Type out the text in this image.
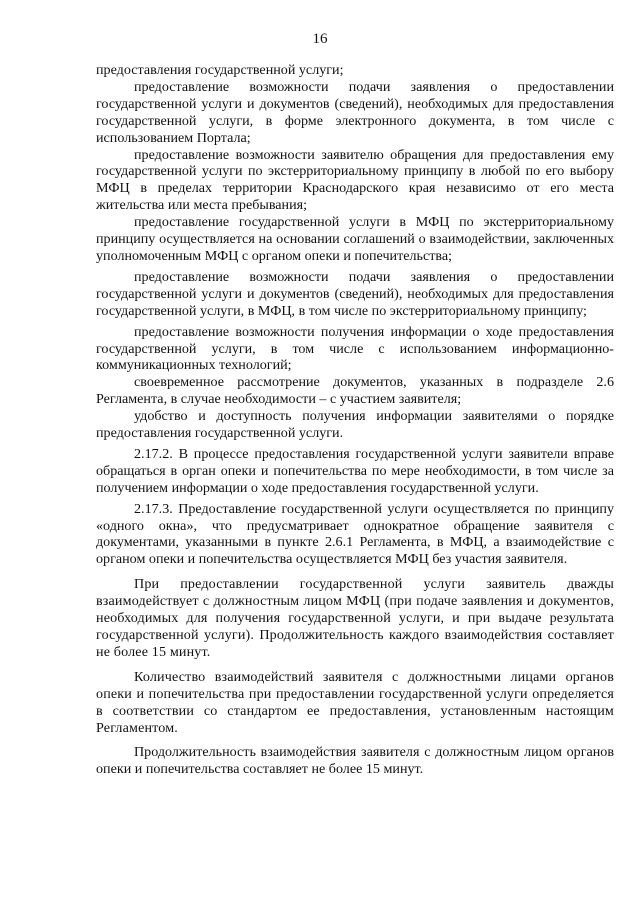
16

предоставления государственной услуги;

предоставление возможности подачи заявления о предоставлении государственной услуги и документов (сведений), необходимых для предоставления государственной услуги, в форме электронного документа, в том числе с использованием Портала;

предоставление возможности заявителю обращения для предоставления ему государственной услуги по экстерриториальному принципу в любой по его выбору МФЦ в пределах территории Краснодарского края независимо от его места жительства или места пребывания;

предоставление государственной услуги в МФЦ по экстерриториальному принципу осуществляется на основании соглашений о взаимодействии, заключенных уполномоченным МФЦ с органом опеки и попечительства;

предоставление возможности подачи заявления о предоставлении государственной услуги и документов (сведений), необходимых для предоставления государственной услуги, в МФЦ, в том числе по экстерриториальному принципу;

предоставление возможности получения информации о ходе предоставления государственной услуги, в том числе с использованием информационно-коммуникационных технологий;

своевременное рассмотрение документов, указанных в подразделе 2.6 Регламента, в случае необходимости – с участием заявителя;

удобство и доступность получения информации заявителями о порядке предоставления государственной услуги.

2.17.2. В процессе предоставления государственной услуги заявители вправе обращаться в орган опеки и попечительства по мере необходимости, в том числе за получением информации о ходе предоставления государственной услуги.

2.17.3. Предоставление государственной услуги осуществляется по принципу «одного окна», что предусматривает однократное обращение заявителя с документами, указанными в пункте 2.6.1 Регламента, в МФЦ, а взаимодействие с органом опеки и попечительства осуществляется МФЦ без участия заявителя.

При предоставлении государственной услуги заявитель дважды взаимодействует с должностным лицом МФЦ (при подаче заявления и документов, необходимых для получения государственной услуги, и при выдаче результата государственной услуги). Продолжительность каждого взаимодействия составляет не более 15 минут.

Количество взаимодействий заявителя с должностными лицами органов опеки и попечительства при предоставлении государственной услуги определяется в соответствии со стандартом ее предоставления, установленным настоящим Регламентом.

Продолжительность взаимодействия заявителя с должностным лицом органов опеки и попечительства составляет не более 15 минут.
